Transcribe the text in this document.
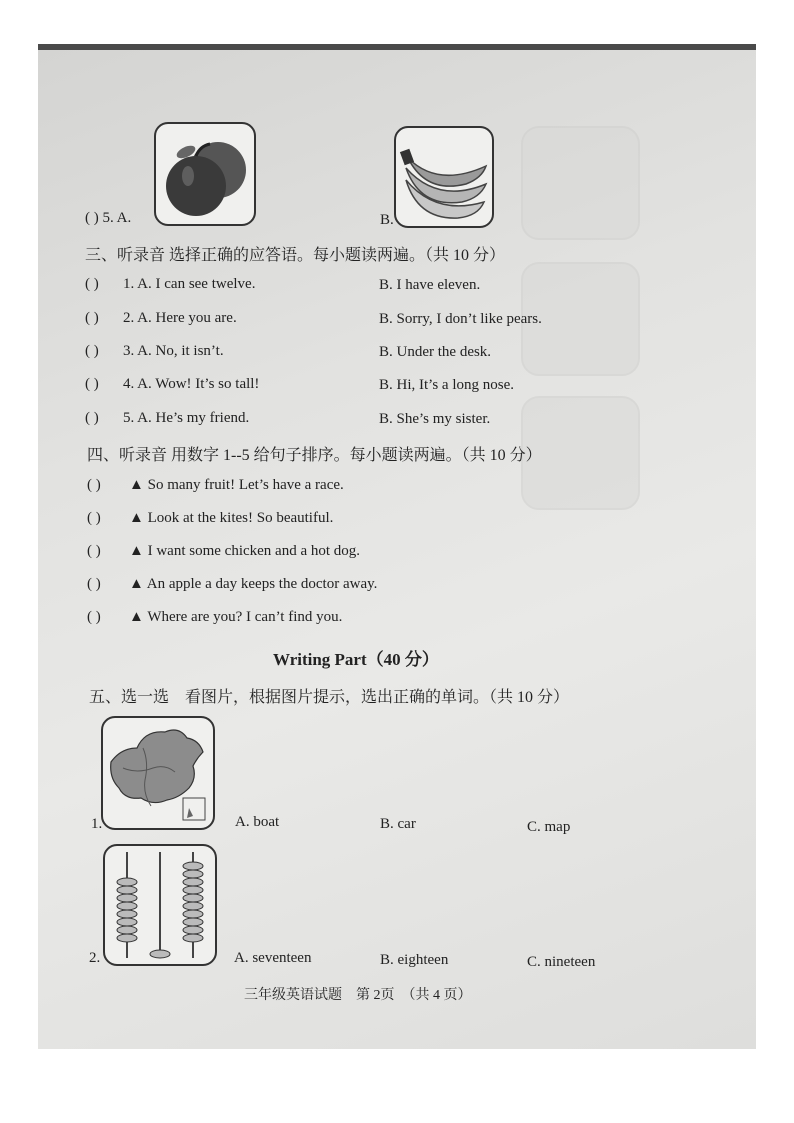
( ) 5. A.	B.
三、听录音 选择正确的应答语。每小题读两遍。（共 10 分）
( ) 1. A. I can see twelve.	B. I have eleven.
( ) 2. A. Here you are.	B. Sorry, I don’t like pears.
( ) 3. A. No, it isn’t.	B. Under the desk.
( ) 4. A. Wow! It’s so tall!	B. Hi, It’s a long nose.
( ) 5. A. He’s my friend.	B. She’s my sister.
四、听录音 用数字 1--5 给句子排序。每小题读两遍。（共 10 分）
( ) ▲ So many fruit! Let’s have a race.
( ) ▲ Look at the kites! So beautiful.
( ) ▲ I want some chicken and a hot dog.
( ) ▲ An apple a day keeps the doctor away.
( ) ▲ Where are you? I can’t find you.
Writing Part（40 分）
五、选一选　看图片，根据图片提示，选出正确的单词。（共 10 分）
1.	A. boat	B. car	C. map
2.	A. seventeen	B. eighteen	C. nineteen
三年级英语试题　第 2页　（共 4 页）
